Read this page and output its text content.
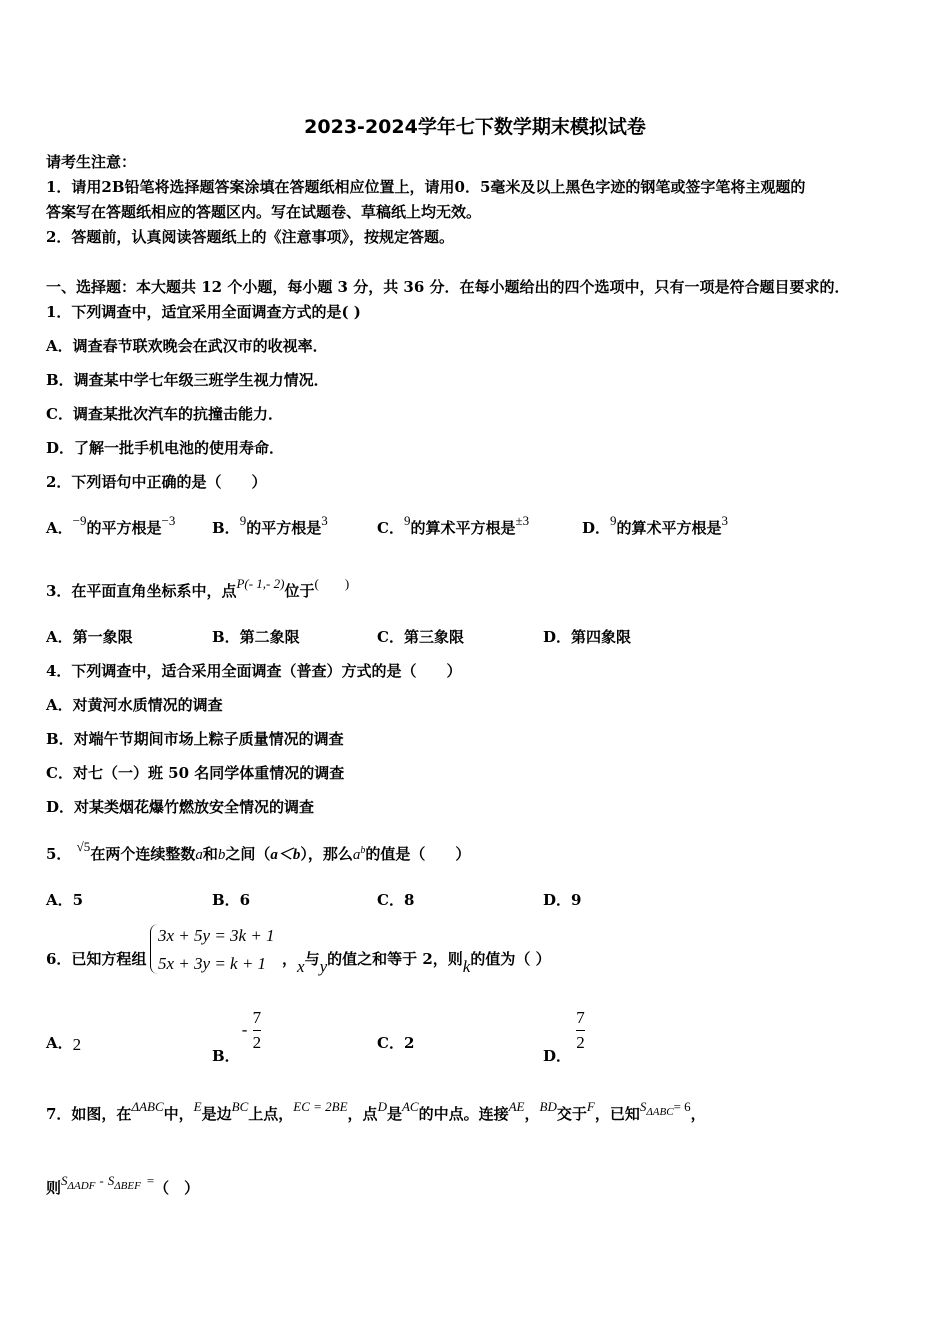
2023-2024学年七下数学期末模拟试卷
请考生注意：
1．请用2B铅笔将选择题答案涂填在答题纸相应位置上，请用0．5毫米及以上黑色字迹的钢笔或签字笔将主观题的
答案写在答题纸相应的答题区内。写在试题卷、草稿纸上均无效。
2．答题前，认真阅读答题纸上的《注意事项》，按规定答题。
一、选择题：本大题共 12 个小题，每小题 3 分，共 36 分．在每小题给出的四个选项中，只有一项是符合题目要求的．
1．下列调查中，适宜采用全面调查方式的是( )
A．调查春节联欢晚会在武汉市的收视率．
B．调查某中学七年级三班学生视力情况．
C．调查某批次汽车的抗撞击能力．
D．了解一批手机电池的使用寿命．
2．下列语句中正确的是（　　）
A．−9的平方根是−3 B．9的平方根是3	C．9的算术平方根是±3	D．9的算术平方根是3
3．在平面直角坐标系中，点P(- 1,- 2)位于(　　)
A．第一象限	B．第二象限	C．第三象限	D．第四象限
4．下列调查中，适合采用全面调查（普查）方式的是（　　）
A．对黄河水质情况的调查
B．对端午节期间市场上粽子质量情况的调查
C．对七（一）班 50 名同学体重情况的调查
D．对某类烟花爆竹燃放安全情况的调查
5． √5在两个连续整数a和b之间（a＜b），那么$a^b$的值是（　　）
A．5	B．6	C．8	D．9
6．已知方程组
3x + 5y = 3k + 1
5x + 3y = k + 1	，x与y的值之和等于 2，则k的值为（ ）
A．2
B．- $\frac{7}{2}$	C．2
D． $\frac{7}{2}$
7．如图，在ΔABC中，E是边BC上点，EC = 2BE，点D是AC的中点。连接AE，BD交于F，已知$S^{\Delta ABC}= 6$，
则$S^{\Delta ADF} - S^{\Delta BEF}$ =（　）
